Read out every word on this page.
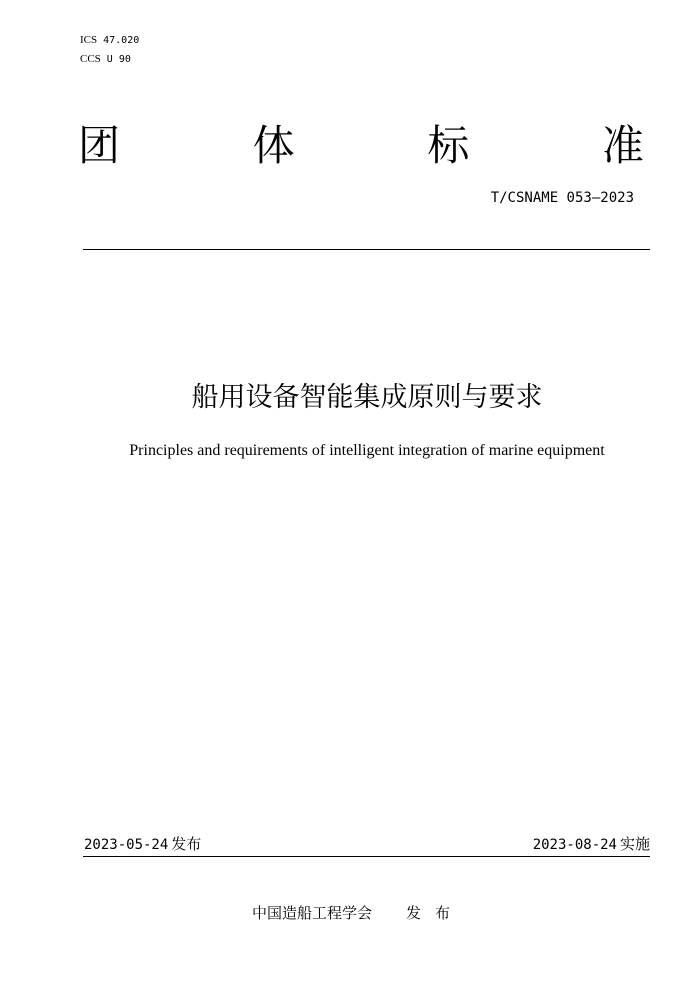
ICS 47.020
CCS U 90
团	体	标	准
T/CSNAME 053—2023
船用设备智能集成原则与要求
Principles and requirements of intelligent integration of marine equipment
2023-05-24 发布	2023-08-24 实施
中国造船工程学会 发布
